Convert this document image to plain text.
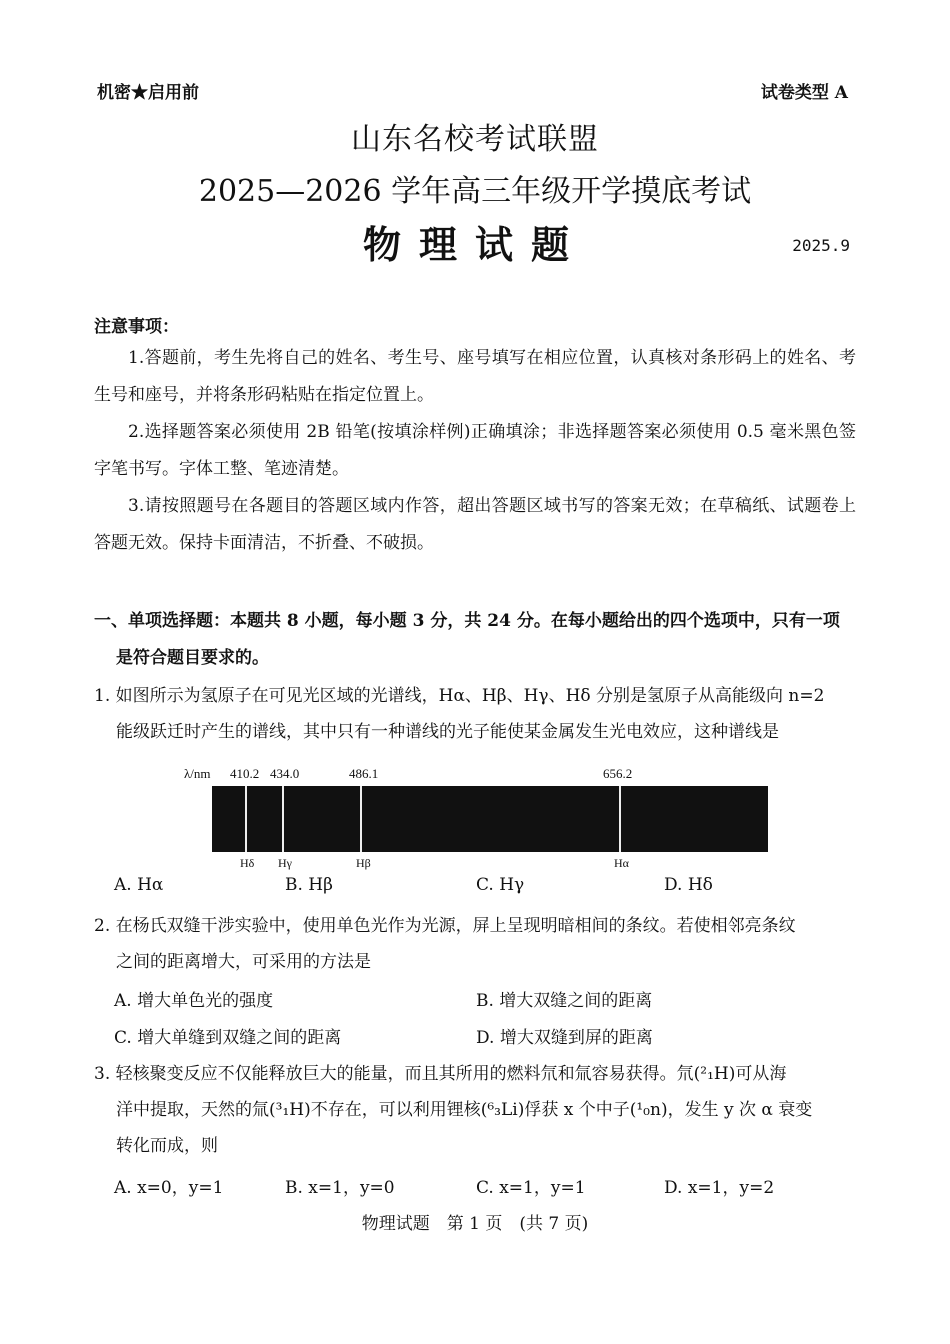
机密★启用前	试卷类型 A
山东名校考试联盟
2025—2026 学年高三年级开学摸底考试
物理试题	2025.9
注意事项：

1.答题前，考生先将自己的姓名、考生号、座号填写在相应位置，认真核对条形码上的姓名、考生号和座号，并将条形码粘贴在指定位置上。

2.选择题答案必须使用 2B 铅笔(按填涂样例)正确填涂；非选择题答案必须使用 0.5 毫米黑色签字笔书写。字体工整、笔迹清楚。

3.请按照题号在各题目的答题区域内作答，超出答题区域书写的答案无效；在草稿纸、试题卷上答题无效。保持卡面清洁，不折叠、不破损。

一、单项选择题：本题共 8 小题，每小题 3 分，共 24 分。在每小题给出的四个选项中，只有一项
是符合题目要求的。
1. 如图所示为氢原子在可见光区域的光谱线，Hα、Hβ、Hγ、Hδ 分别是氢原子从高能级向 n=2
能级跃迁时产生的谱线，其中只有一种谱线的光子能使某金属发生光电效应，这种谱线是
λ/nm 410.2 434.0	486.1	656.2
Hδ Hγ	Hβ	Hα
A. Hα	B. Hβ	C. Hγ	D. Hδ
2. 在杨氏双缝干涉实验中，使用单色光作为光源，屏上呈现明暗相间的条纹。若使相邻亮条纹
之间的距离增大，可采用的方法是
A. 增大单色光的强度	B. 增大双缝之间的距离
C. 增大单缝到双缝之间的距离	D. 增大双缝到屏的距离
3. 轻核聚变反应不仅能释放巨大的能量，而且其所用的燃料氘和氚容易获得。氘(²₁H)可从海
洋中提取，天然的氚(³₁H)不存在，可以利用锂核(⁶₃Li)俘获 x 个中子(¹₀n)，发生 y 次 α 衰变
转化而成，则
A. x=0，y=1	B. x=1，y=0	C. x=1，y=1	D. x=1，y=2
物理试题　第 1 页　(共 7 页)
